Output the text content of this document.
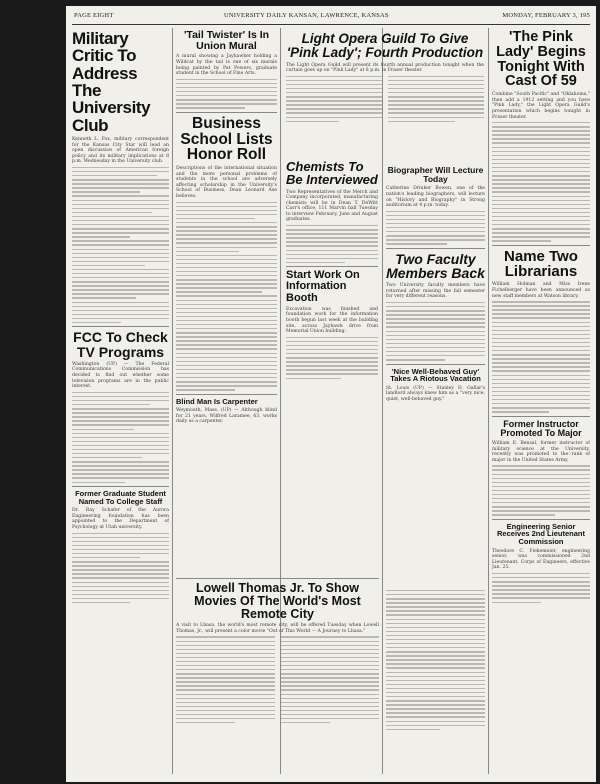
PAGE EIGHT	UNIVERSITY DAILY KANSAN, LAWRENCE, KANSAS	MONDAY, FEBRUARY 3, 195
Military Critic To Address The University Club
Kenneth L. Fox, military correspondent for the Kansas City Star will lead an open discussion of American foreign policy and its military implications at 8 p.m. Wednesday in the University club.
FCC To Check TV Programs
Washington (UP) — The Federal Communications Commission has decided to find out whether some television programs are in the public interest.
Former Graduate Student Named To College Staff
Dr. Ray Schafer of the Aurora Engineering foundation has been appointed to the Department of Psychology at Utah university.
'Tail Twister' Is In Union Mural
A mural showing a Jayhawker holding a Wildcat by the tail is one of six murals being painted by Pat Powers, graduate student in the School of Fine Arts.
Business School Lists Honor Roll
Descriptions of the international situation and the more personal problems of students in the school are adversely affecting scholarship in the University's School of Business, Dean Leonard Axe believes.
Blind Man Is Carpenter
Weymouth, Mass. (UP) — Although blind for 21 years, Wilfred Laramee, 63, works daily as a carpenter.
Chemists To Be Interviewed
Two Representatives of the Merck and Company incorporated, manufacturing chemists will be in Dean T. DeWitt Carr's office, 111 Marvin hall Tuesday to interview February, June and August graduates.
Start Work On Information Booth
Excavation was finished and foundation work for the information booth begun last week at the building site, across Jayhawk drive from Memorial Union building.
Light Opera Guild To Give 'Pink Lady'; Fourth Production
The Light Opera Guild will present its fourth annual production tonight when the curtain goes up on "Pink Lady" at 8 p.m. in Fraser theater.
Biographer Will Lecture Today
Catherine Drinker Bowen, one of the nation's leading biographers, will lecture on "History and Biography" in Strong auditorium at 4 p.m. today.
Two Faculty Members Back
Two University faculty members have returned after missing the fall semester for very different reasons.
'Nice Well-Behaved Guy' Takes A Riotous Vacation
St. Louis (UP) — Stanley D. Gallar's landlord always knew him as a "very nice, quiet, well-behaved guy."
Lowell Thomas Jr. To Show Movies Of The World's Most Remote City
A visit to Lhasa, the world's most remote city, will be offered Tuesday when Lowell Thomas, Jr., will present a color movie "Out of This World — A Journey to Lhasa."
'The Pink Lady' Begins Tonight With Cast Of 59
Combine "South Pacific" and "Oklahoma," then add a 1912 setting and you have "Pink Lady," the Light Opera Guild's presentation which begins tonight in Fraser theater.
Name Two Librarians
William Holman and Miss Irene Fichelberger have been announced as new staff members at Watson library.
Former Instructor Promoted To Major
William E. Bensal, former instructor of military science at the University, recently was promoted to the rank of major in the United States Army.
Engineering Senior Receives 2nd Lieutenant Commission
Theodore C. Fiekemeier, engineering senior, was commissioned 2nd Lieutenant, Corps of Engineers, effective Jan. 25.
